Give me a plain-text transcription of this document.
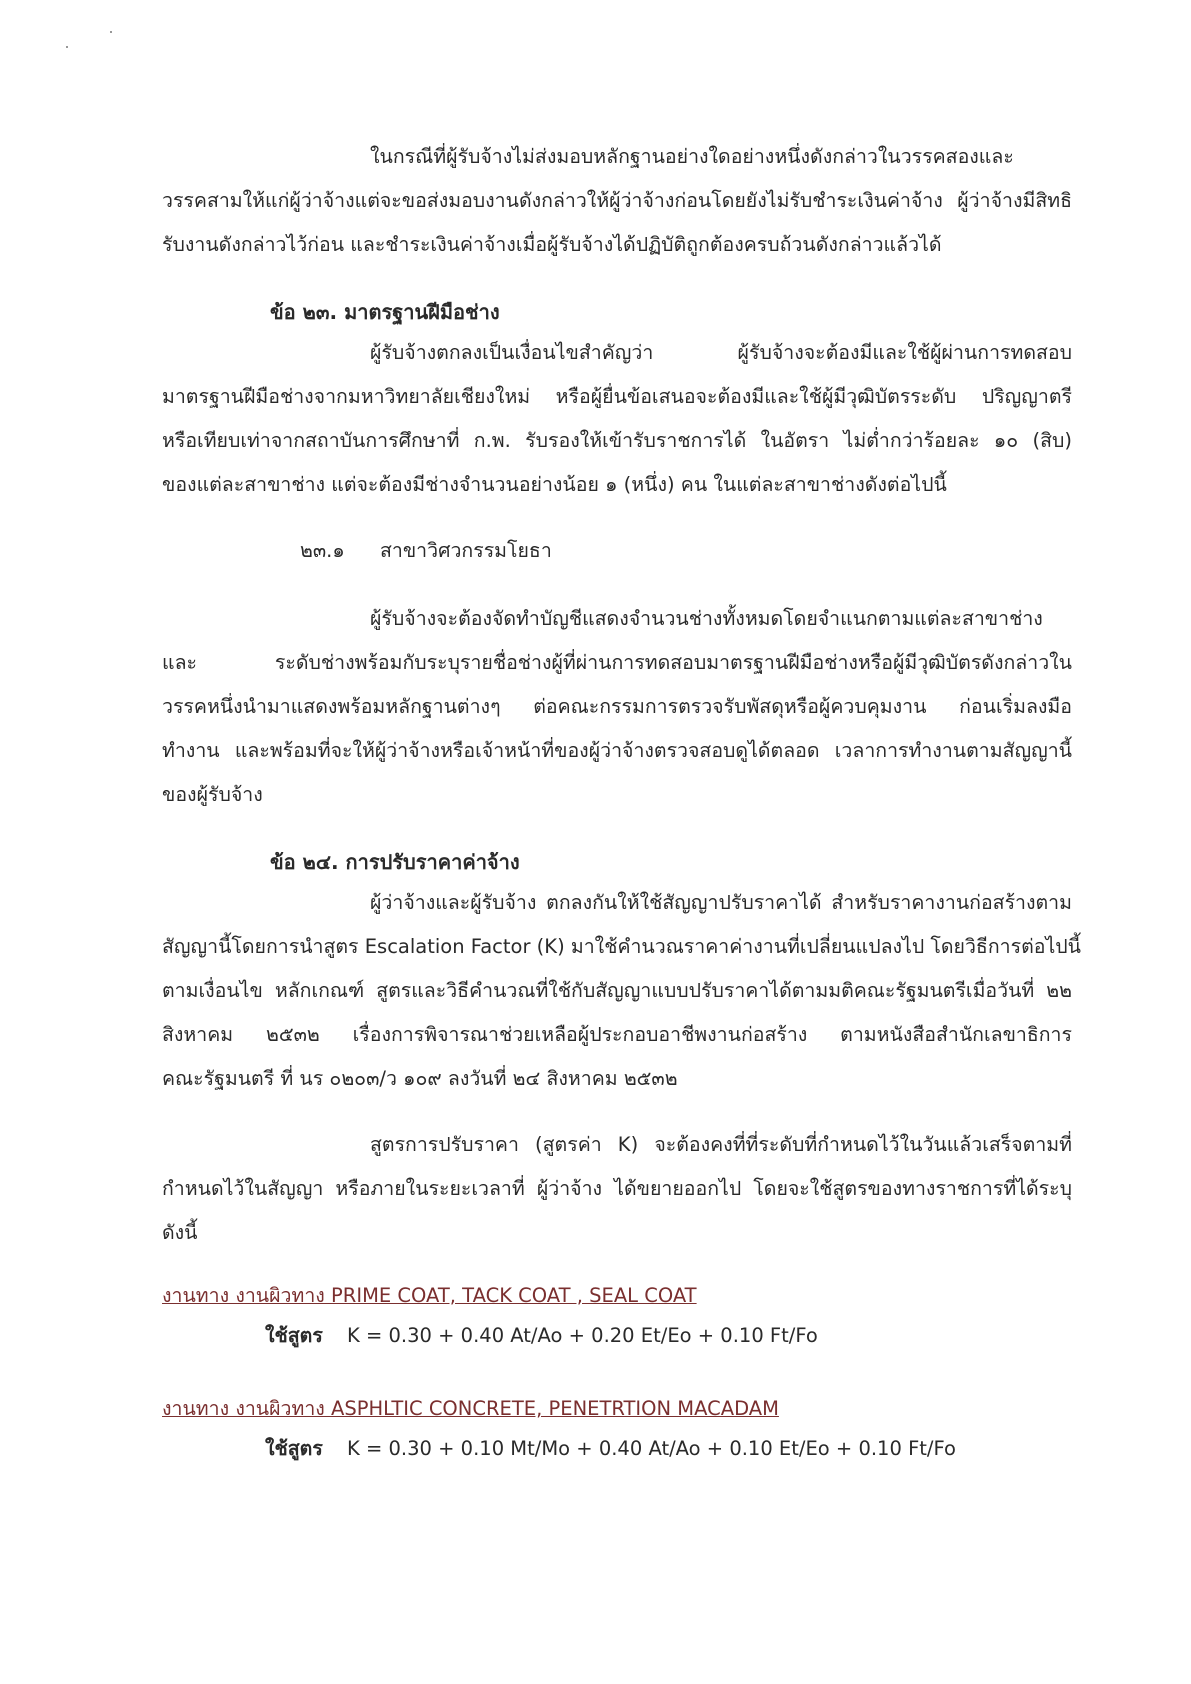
ในกรณีที่ผู้รับจ้างไม่ส่งมอบหลักฐานอย่างใดอย่างหนึ่งดังกล่าวในวรรคสองและ
วรรคสามให้แก่ผู้ว่าจ้างแต่จะขอส่งมอบงานดังกล่าวให้ผู้ว่าจ้างก่อนโดยยังไม่รับชำระเงินค่าจ้าง ผู้ว่าจ้างมีสิทธิ
รับงานดังกล่าวไว้ก่อน และชำระเงินค่าจ้างเมื่อผู้รับจ้างได้ปฏิบัติถูกต้องครบถ้วนดังกล่าวแล้วได้
ข้อ ๒๓. มาตรฐานฝีมือช่าง
ผู้รับจ้างตกลงเป็นเงื่อนไขสำคัญว่า ผู้รับจ้างจะต้องมีและใช้ผู้ผ่านการทดสอบ
มาตรฐานฝีมือช่างจากมหาวิทยาลัยเชียงใหม่ หรือผู้ยื่นข้อเสนอจะต้องมีและใช้ผู้มีวุฒิบัตรระดับ ปริญญาตรี
หรือเทียบเท่าจากสถาบันการศึกษาที่ ก.พ. รับรองให้เข้ารับราชการได้ ในอัตรา ไม่ต่ำกว่าร้อยละ ๑๐ (สิบ)
ของแต่ละสาขาช่าง แต่จะต้องมีช่างจำนวนอย่างน้อย ๑ (หนึ่ง) คน ในแต่ละสาขาช่างดังต่อไปนี้
๒๓.๑ สาขาวิศวกรรมโยธา
ผู้รับจ้างจะต้องจัดทำบัญชีแสดงจำนวนช่างทั้งหมดโดยจำแนกตามแต่ละสาขาช่าง
และ ระดับช่างพร้อมกับระบุรายชื่อช่างผู้ที่ผ่านการทดสอบมาตรฐานฝีมือช่างหรือผู้มีวุฒิบัตรดังกล่าวใน
วรรคหนึ่งนำมาแสดงพร้อมหลักฐานต่างๆ ต่อคณะกรรมการตรวจรับพัสดุหรือผู้ควบคุมงาน ก่อนเริ่มลงมือ
ทำงาน และพร้อมที่จะให้ผู้ว่าจ้างหรือเจ้าหน้าที่ของผู้ว่าจ้างตรวจสอบดูได้ตลอด เวลาการทำงานตามสัญญานี้
ของผู้รับจ้าง
ข้อ ๒๔. การปรับราคาค่าจ้าง
ผู้ว่าจ้างและผู้รับจ้าง ตกลงกันให้ใช้สัญญาปรับราคาได้ สำหรับราคางานก่อสร้างตาม
สัญญานี้โดยการนำสูตร Escalation Factor (K) มาใช้คำนวณราคาค่างานที่เปลี่ยนแปลงไป โดยวิธีการต่อไปนี้
ตามเงื่อนไข หลักเกณฑ์ สูตรและวิธีคำนวณที่ใช้กับสัญญาแบบปรับราคาได้ตามมติคณะรัฐมนตรีเมื่อวันที่ ๒๒
สิงหาคม ๒๕๓๒ เรื่องการพิจารณาช่วยเหลือผู้ประกอบอาชีพงานก่อสร้าง ตามหนังสือสำนักเลขาธิการ
คณะรัฐมนตรี ที่ นร ๐๒๐๓/ว ๑๐๙ ลงวันที่ ๒๔ สิงหาคม ๒๕๓๒
สูตรการปรับราคา (สูตรค่า K) จะต้องคงที่ที่ระดับที่กำหนดไว้ในวันแล้วเสร็จตามที่
กำหนดไว้ในสัญญา หรือภายในระยะเวลาที่ ผู้ว่าจ้าง ได้ขยายออกไป โดยจะใช้สูตรของทางราชการที่ได้ระบุ
ดังนี้
งานทาง งานผิวทาง PRIME COAT, TACK COAT , SEAL COAT
ใช้สูตร K = 0.30 + 0.40 At/Ao + 0.20 Et/Eo + 0.10 Ft/Fo
งานทาง งานผิวทาง ASPHLTIC CONCRETE, PENETRTION MACADAM
ใช้สูตร K = 0.30 + 0.10 Mt/Mo + 0.40 At/Ao + 0.10 Et/Eo + 0.10 Ft/Fo
